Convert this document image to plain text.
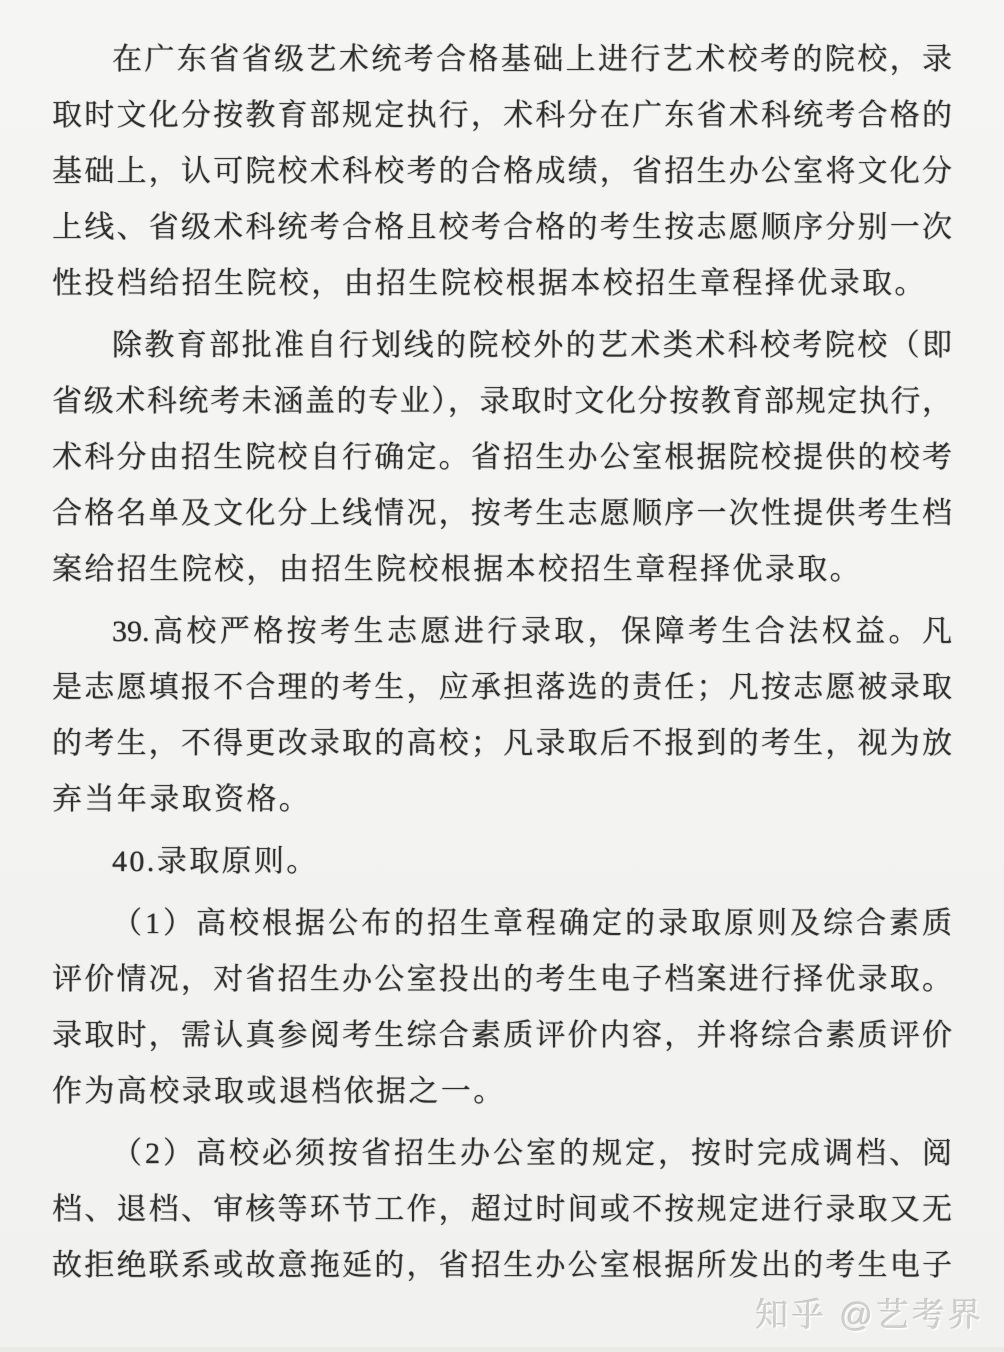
在广东省省级艺术统考合格基础上进行艺术校考的院校，录
取时文化分按教育部规定执行，术科分在广东省术科统考合格的
基础上，认可院校术科校考的合格成绩，省招生办公室将文化分
上线、省级术科统考合格且校考合格的考生按志愿顺序分别一次
性投档给招生院校，由招生院校根据本校招生章程择优录取。
除教育部批准自行划线的院校外的艺术类术科校考院校（即
省级术科统考未涵盖的专业），录取时文化分按教育部规定执行，
术科分由招生院校自行确定。省招生办公室根据院校提供的校考
合格名单及文化分上线情况，按考生志愿顺序一次性提供考生档
案给招生院校，由招生院校根据本校招生章程择优录取。
39.高校严格按考生志愿进行录取，保障考生合法权益。凡
是志愿填报不合理的考生，应承担落选的责任；凡按志愿被录取
的考生，不得更改录取的高校；凡录取后不报到的考生，视为放
弃当年录取资格。
40.录取原则。
（1）高校根据公布的招生章程确定的录取原则及综合素质
评价情况，对省招生办公室投出的考生电子档案进行择优录取。
录取时，需认真参阅考生综合素质评价内容，并将综合素质评价
作为高校录取或退档依据之一。
（2）高校必须按省招生办公室的规定，按时完成调档、阅
档、退档、审核等环节工作，超过时间或不按规定进行录取又无
故拒绝联系或故意拖延的，省招生办公室根据所发出的考生电子
知乎 @艺考界
